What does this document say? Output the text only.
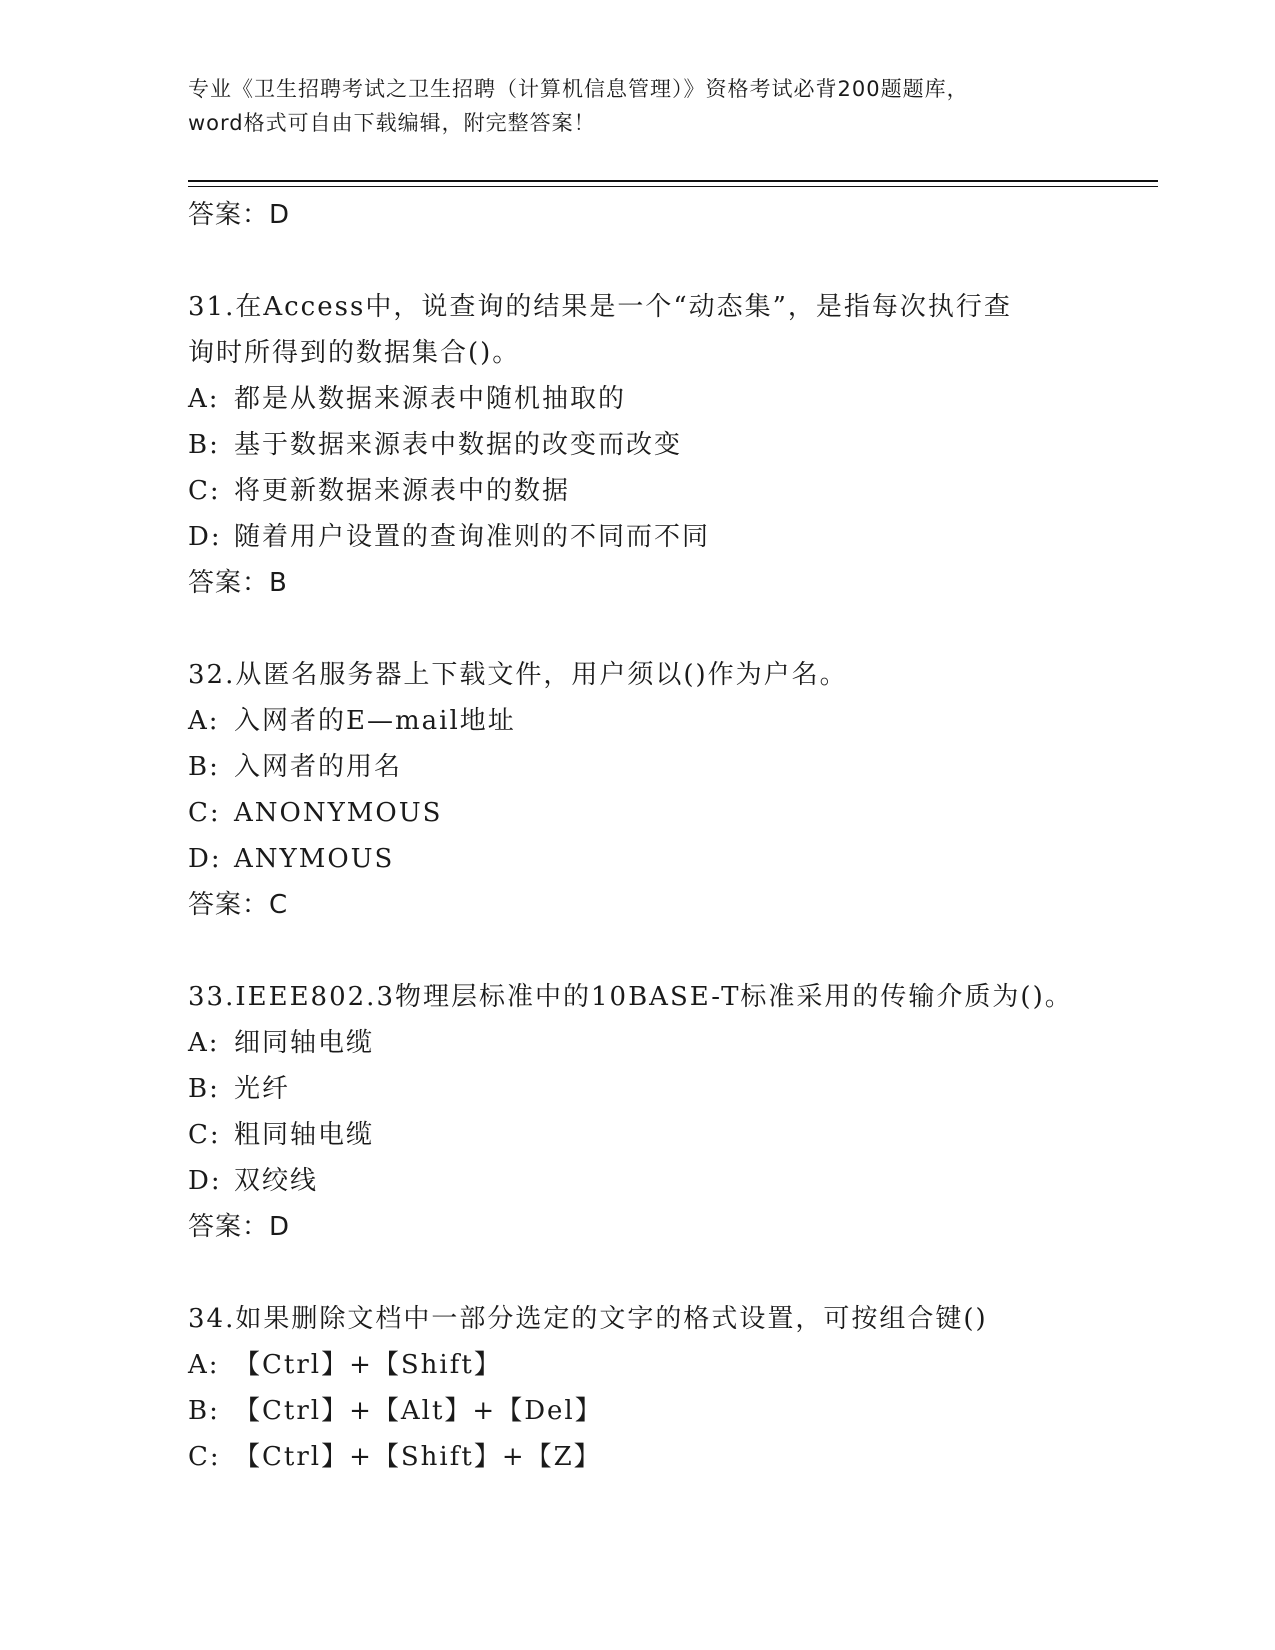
专业《卫生招聘考试之卫生招聘（计算机信息管理）》资格考试必背200题题库，
word格式可自由下载编辑，附完整答案！
答案：D
31.在Access中，说查询的结果是一个“动态集”，是指每次执行查
询时所得到的数据集合()。
A: 都是从数据来源表中随机抽取的
B: 基于数据来源表中数据的改变而改变
C: 将更新数据来源表中的数据
D: 随着用户设置的查询准则的不同而不同
答案：B
32.从匿名服务器上下载文件，用户须以()作为户名。
A: 入网者的E—mail地址
B: 入网者的用名
C: ANONYMOUS
D: ANYMOUS
答案：C
33.IEEE802.3物理层标准中的10BASE-T标准采用的传输介质为()。
A: 细同轴电缆
B: 光纤
C: 粗同轴电缆
D: 双绞线
答案：D
34.如果删除文档中一部分选定的文字的格式设置，可按组合键()
A: 【Ctrl】+【Shift】
B: 【Ctrl】+【Alt】+【Del】
C: 【Ctrl】+【Shift】+【Z】
